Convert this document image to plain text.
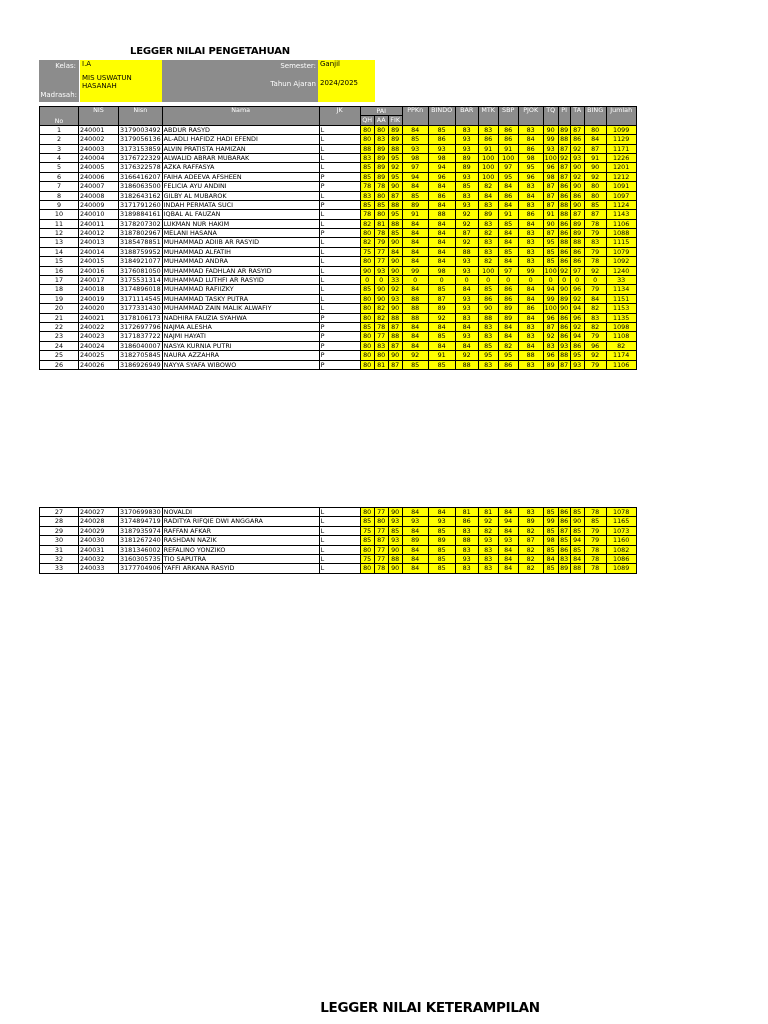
LEGGER NILAI PENGETAHUAN
Kelas: I.A	Semester: Ganjil
Madrasah:
MIS USWATUN HASANAH	Tahun Ajaran 2024/2025
No	NIS	Nisn	Nama	JK	PAI			PPKn	BINDO	BAR	MTK	SBP	PJOK	TQ	PI	TA	BING	Jumlah
					QH	AA	FIK											
1	240001	3179003492	ABDUR RASYD	L	80	80	89	84	85	83	83	86	83	90	89	87	80	1099
2	240002	3179056136	AL-ADLI HAFIDZ HADI EFENDI	L	80	83	89	85	86	93	86	86	84	99	88	86	84	1129
3	240003	3173153859	ALVIN PRATISTA HAMIZAN	L	88	89	88	93	93	93	91	91	86	93	87	92	87	1171
4	240004	3176722329	ALWALID ABRAR MUBARAK	L	83	89	95	98	98	89	100	100	98	100	92	93	91	1226
5	240005	3176322578	AZKA RAFFASYA	L	85	89	92	97	94	89	100	97	95	96	87	90	90	1201
6	240006	3166416207	FAIHA ADEEVA AFSHEEN	P	85	89	95	94	96	93	100	95	96	98	87	92	92	1212
7	240007	3186063500	FELICIA AYU ANDINI	P	78	78	90	84	84	85	82	84	83	87	86	90	80	1091
8	240008	3182643162	GILBY AL MUBAROK	L	83	80	87	85	86	83	84	86	84	87	86	86	80	1097
9	240009	3171791260	INDAH PERMATA SUCI	P	85	85	88	89	84	93	83	84	83	87	88	90	85	1124
10	240010	3189884161	IQBAL AL FAUZAN	L	78	80	95	91	88	92	89	91	86	91	88	87	87	1143
11	240011	3178207302	LUKMAN NUR HAKIM	L	82	81	88	84	84	92	83	85	84	90	86	89	78	1106
12	240012	3187802967	MELANI HASANA	P	80	78	85	84	84	87	82	84	83	87	86	89	79	1088
13	240013	3185478851	MUHAMMAD ADIIB AR RASYID	L	82	79	90	84	84	92	83	84	83	95	88	88	83	1115
14	240014	3188759952	MUHAMMAD ALFATIH	L	75	77	84	84	84	88	83	85	83	85	86	86	79	1079
15	240015	3184921077	MUHAMMAD ANDRA	L	80	77	90	84	84	93	82	84	83	85	86	86	78	1092
16	240016	3176081050	MUHAMMAD FADHLAN AR RASYID	L	90	93	90	99	98	93	100	97	99	100	92	97	92	1240
17	240017	3175531314	MUHAMMAD LUTHFI AR RASYID	L	0	0	33	0	0	0	0	0	0	0	0	0	0	33
18	240018	3174896018	MUHAMMAD RAFIIZKY	L	85	90	92	84	85	84	85	86	84	94	90	96	79	1134
19	240019	3171114545	MUHAMMAD TASKY PUTRA	L	80	90	93	88	87	93	86	86	84	99	89	92	84	1151
20	240020	3177331430	MUHAMMAD ZAIN MALIK ALWAFIY	L	80	82	90	88	89	93	90	89	86	100	90	94	82	1153
21	240021	3178106173	NADHIRA FAUZIA SYAHWA	P	80	82	88	88	92	83	88	89	84	96	86	96	83	1135
22	240022	3172697796	NAJMA ALESHA	P	85	78	87	84	84	84	83	84	83	87	86	92	82	1098
23	240023	3171837722	NAJMI HAYATI	P	80	77	88	84	85	93	83	84	83	92	86	94	79	1108
24	240024	3186040007	NASYA KURNIA PUTRI	P	80	83	87	84	84	84	85	82	84	83	93	86	96	82
25	240025	3182705845	NAURA AZZAHRA	P	80	80	90	92	91	92	95	95	88	96	88	95	92	1174
26	240026	3186926949	NAYYA SYAFA WIBOWO	P	80	81	87	85	85	88	83	86	83	89	87	93	79	1106
27	240027	3170699830	NOVALDI	L	80	77	90	84	84	81	81	84	83	85	86	85	78	1078
28	240028	3174894719	RADITYA RIFQIE DWI ANGGARA	L	85	80	93	93	93	86	92	94	89	99	86	90	85	1165
29	240029	3187935974	RAFFAN AFKAR	L	75	77	85	84	85	83	82	84	82	85	87	85	79	1073
30	240030	3181267240	RASHDAN NAZIK	L	85	87	93	89	89	88	93	93	87	98	85	94	79	1160
31	240031	3181346002	REFALINO YONZIKO	L	80	77	90	84	85	83	83	84	82	85	86	85	78	1082
32	240032	3160305735	TIO SAPUTRA	L	75	77	88	84	85	93	83	84	82	84	83	84	78	1086
33	240033	3177704906	YAFFI ARKANA RASYID	L	80	78	90	84	85	83	83	84	82	85	89	88	78	1089
LEGGER NILAI KETERAMPILAN
